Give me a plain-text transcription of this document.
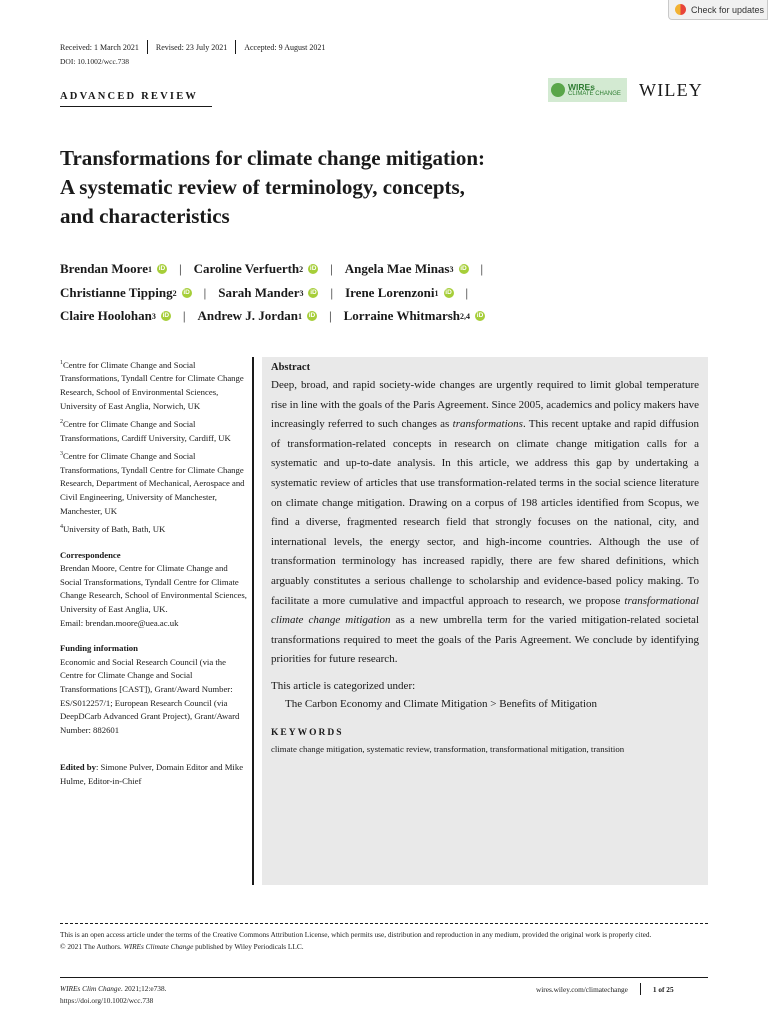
Check for updates
Received: 1 March 2021 Revised: 23 July 2021 Accepted: 9 August 2021
DOI: 10.1002/wcc.738
ADVANCED REVIEW
WIREs
CLIMATE CHANGE WILEY
Transformations for climate change mitigation:
A systematic review of terminology, concepts,
and characteristics
Brendan Moore 1 iD | Caroline Verfuerth 2 iD | Angela Mae Minas 3 iD |
Christianne Tipping 2 iD | Sarah Mander 3 iD | Irene Lorenzoni 1 iD |
Claire Hoolohan 3 iD | Andrew J. Jordan 1 iD | Lorraine Whitmarsh 2,4 iD
$^1$Centre for Climate Change and Social Transformations, Tyndall Centre for Climate Change Research, School of Environmental Sciences, University of East Anglia, Norwich, UK
$^2$Centre for Climate Change and Social Transformations, Cardiff University, Cardiff, UK
$^3$Centre for Climate Change and Social Transformations, Tyndall Centre for Climate Change Research, Department of Mechanical, Aerospace and Civil Engineering, University of Manchester, Manchester, UK
$^4$University of Bath, Bath, UK
Correspondence
Brendan Moore, Centre for Climate Change and Social Transformations, Tyndall Centre for Climate Change Research, School of Environmental Sciences, University of East Anglia, UK.
Email: brendan.moore@uea.ac.uk
Funding information
Economic and Social Research Council (via the Centre for Climate Change and Social Transformations [CAST]), Grant/Award Number: ES/S012257/1; European Research Council (via DeepDCarb Advanced Grant Project), Grant/Award Number: 882601
Edited by: Simone Pulver, Domain Editor and Mike Hulme, Editor-in-Chief
Abstract
Deep, broad, and rapid society-wide changes are urgently required to limit global temperature rise in line with the goals of the Paris Agreement. Since 2005, academics and policy makers have increasingly referred to such changes as transformations. This recent uptake and rapid diffusion of transformation-related concepts in research on climate change mitigation calls for a systematic and up-to-date analysis. In this article, we address this gap by undertaking a systematic review of articles that use transformation-related terms in the social science literature on climate change mitigation. Drawing on a corpus of 198 articles identified from Scopus, we find a diverse, fragmented research field that strongly focuses on the national, city, and international levels, the energy sector, and high-income countries. Although the use of transformation terminology has increased rapidly, there are few shared definitions, which arguably constitutes a serious challenge to scholarship and evidence-based policy making. To facilitate a more cumulative and impactful approach to research, we propose transformational climate change mitigation as a new umbrella term for the varied mitigation-related societal transformations required to meet the goals of the Paris Agreement. We conclude by identifying priorities for future research.
This article is categorized under:
The Carbon Economy and Climate Mitigation > Benefits of Mitigation
KEYWORDS
climate change mitigation, systematic review, transformation, transformational mitigation, transition
This is an open access article under the terms of the Creative Commons Attribution License, which permits use, distribution and reproduction in any medium, provided the original work is properly cited.
© 2021 The Authors. WIREs Climate Change published by Wiley Periodicals LLC.
WIREs Clim Change. 2021;12:e738.
https://doi.org/10.1002/wcc.738
wires.wiley.com/climatechange	1 of 25
